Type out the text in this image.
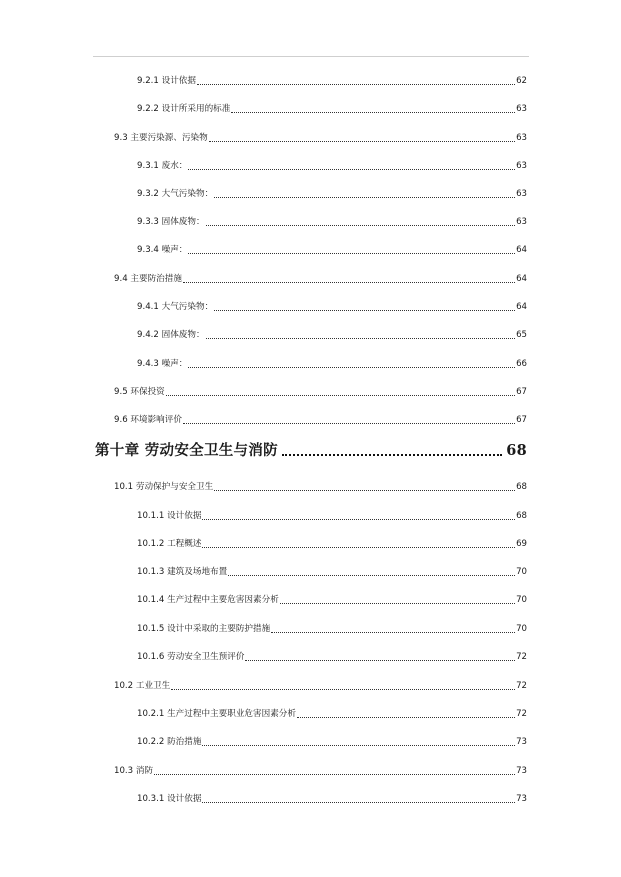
9.2.1 设计依据	62
9.2.2 设计所采用的标准	63
9.3 主要污染源、污染物	63
9.3.1 废水：	63
9.3.2 大气污染物：	63
9.3.3 固体废物：	63
9.3.4 噪声：	64
9.4 主要防治措施	64
9.4.1 大气污染物：	64
9.4.2 固体废物：	65
9.4.3 噪声：	66
9.5 环保投资	67
9.6 环境影响评价	67
第十章 劳动安全卫生与消防	68
10.1 劳动保护与安全卫生	68
10.1.1 设计依据	68
10.1.2 工程概述	69
10.1.3 建筑及场地布置	70
10.1.4 生产过程中主要危害因素分析	70
10.1.5 设计中采取的主要防护措施	70
10.1.6 劳动安全卫生预评价	72
10.2 工业卫生	72
10.2.1 生产过程中主要职业危害因素分析	72
10.2.2 防治措施	73
10.3 消防	73
10.3.1 设计依据	73
